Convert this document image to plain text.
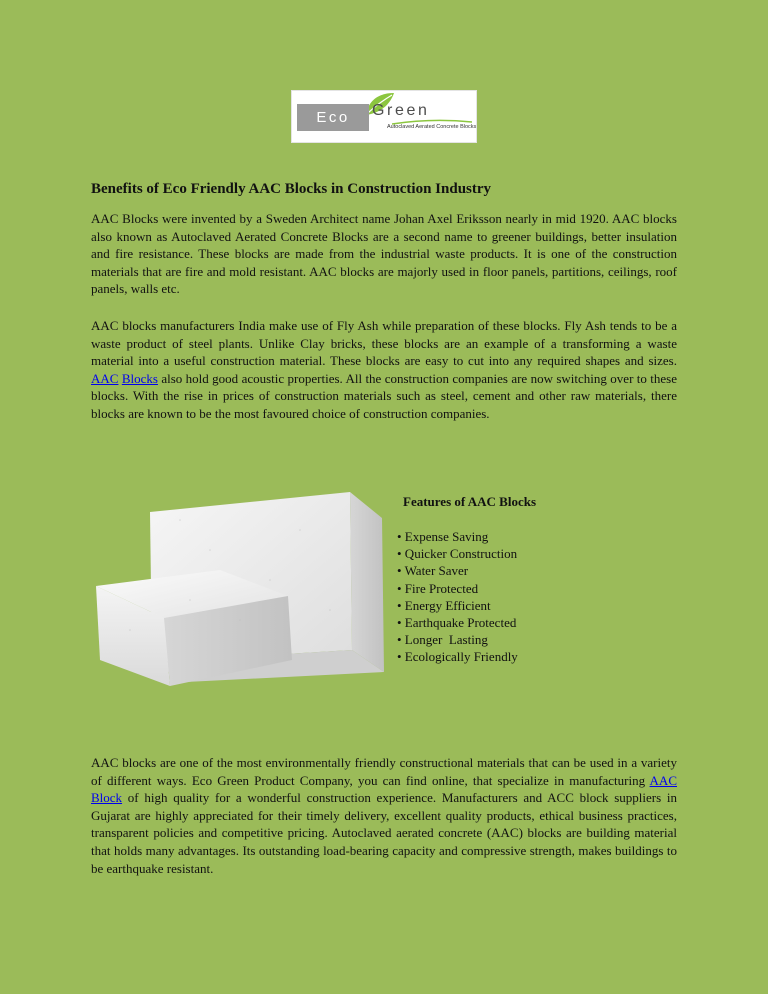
Eco	Green
Autoclaved Aerated Concrete Blocks
Benefits of Eco Friendly AAC Blocks in Construction Industry

AAC Blocks were invented by a Sweden Architect name Johan Axel Eriksson nearly in mid 1920. AAC blocks also known as Autoclaved Aerated Concrete Blocks are a second name to greener buildings, better insulation and fire resistance. These blocks are made from the industrial waste products. It is one of the construction materials that are fire and mold resistant. AAC blocks are majorly used in floor panels, partitions, ceilings, roof panels, walls etc.

AAC blocks manufacturers India make use of Fly Ash while preparation of these blocks. Fly Ash tends to be a waste product of steel plants. Unlike Clay bricks, these blocks are an example of a transforming a waste material into a useful construction material. These blocks are easy to cut into any required shapes and sizes. AAC Blocks also hold good acoustic properties. All the construction companies are now switching over to these blocks. With the rise in prices of construction materials such as steel, cement and other raw materials, there blocks are known to be the most favoured choice of construction companies.

Features of AAC Blocks
• Expense Saving
• Quicker Construction
• Water Saver
• Fire Protected
• Energy Efficient
• Earthquake Protected
• Longer  Lasting
• Ecologically Friendly

AAC blocks are one of the most environmentally friendly constructional materials that can be used in a variety of different ways. Eco Green Product Company, you can find online, that specialize in manufacturing AAC Block of high quality for a wonderful construction experience. Manufacturers and ACC block suppliers in Gujarat are highly appreciated for their timely delivery, excellent quality products, ethical business practices, transparent policies and competitive pricing. Autoclaved aerated concrete (AAC) blocks are building material that holds many advantages. Its outstanding load-bearing capacity and compressive strength, makes buildings to be earthquake resistant.
